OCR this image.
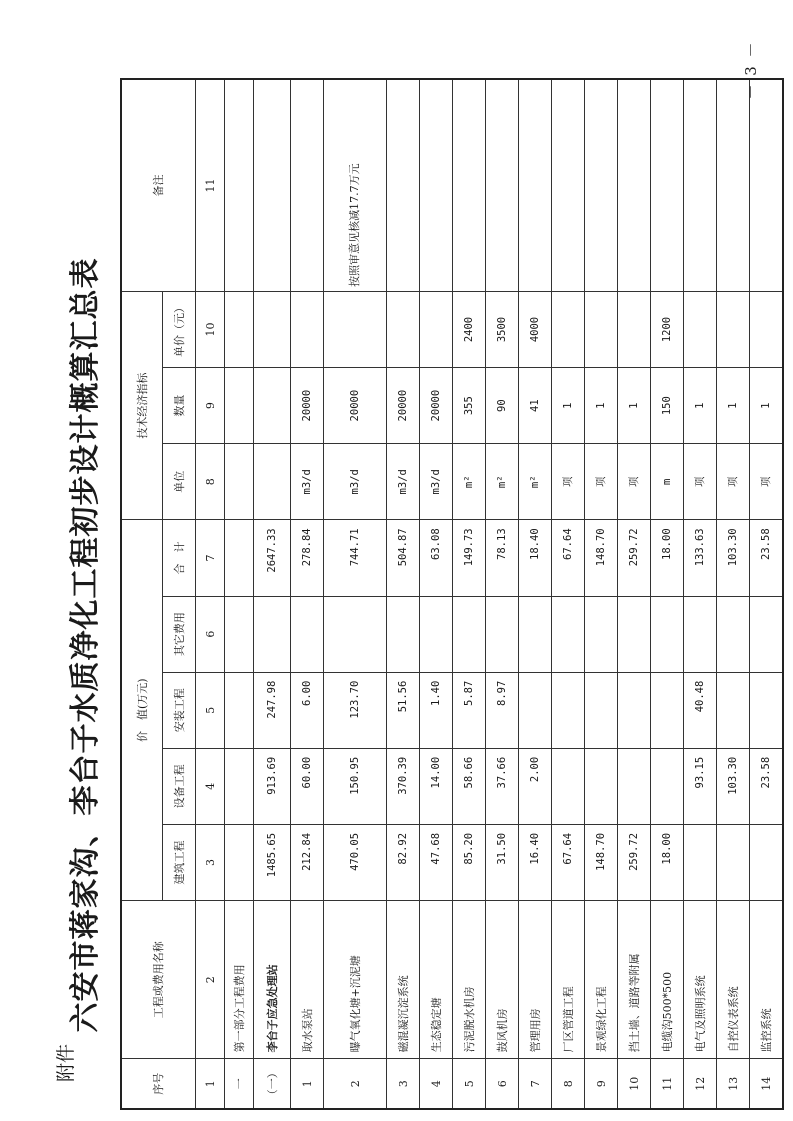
附件
－ 3 －
六安市蒋家沟、李台子水质净化工程初步设计概算汇总表
序号	工程或费用名称	价　值(万元)					技术经济指标			备注
		建筑工程	设备工程	安装工程	其它费用	合　计	单位	数量	单价（元）	

1	2	3	4	5	6	7	8	9	10	11
一	第一部分工程费用									
（一）	李台子应急处理站	1485.65	913.69	247.98		2647.33				
1	取水泵站	212.84	60.00	6.00		278.84	m3/d	20000		
2	曝气氧化塘+沉泥塘	470.05	150.95	123.70		744.71	m3/d	20000		按照审意见核减17.7万元
3	磁混凝沉淀系统	82.92	370.39	51.56		504.87	m3/d	20000		
4	生态稳定塘	47.68	14.00	1.40		63.08	m3/d	20000		
5	污泥脱水机房	85.20	58.66	5.87		149.73	m²	355	2400	
6	鼓风机房	31.50	37.66	8.97		78.13	m²	90	3500	
7	管理用房	16.40	2.00			18.40	m²	41	4000	
8	厂区管道工程	67.64				67.64	项	1		
9	景观绿化工程	148.70				148.70	项	1		
10	挡土墙、道路等附属	259.72				259.72	项	1		
11	电缆沟500*500	18.00				18.00	m	150	1200	
12	电气及照明系统		93.15	40.48		133.63	项	1		
13	自控仪表系统		103.30			103.30	项	1		
14	监控系统		23.58			23.58	项	1		
